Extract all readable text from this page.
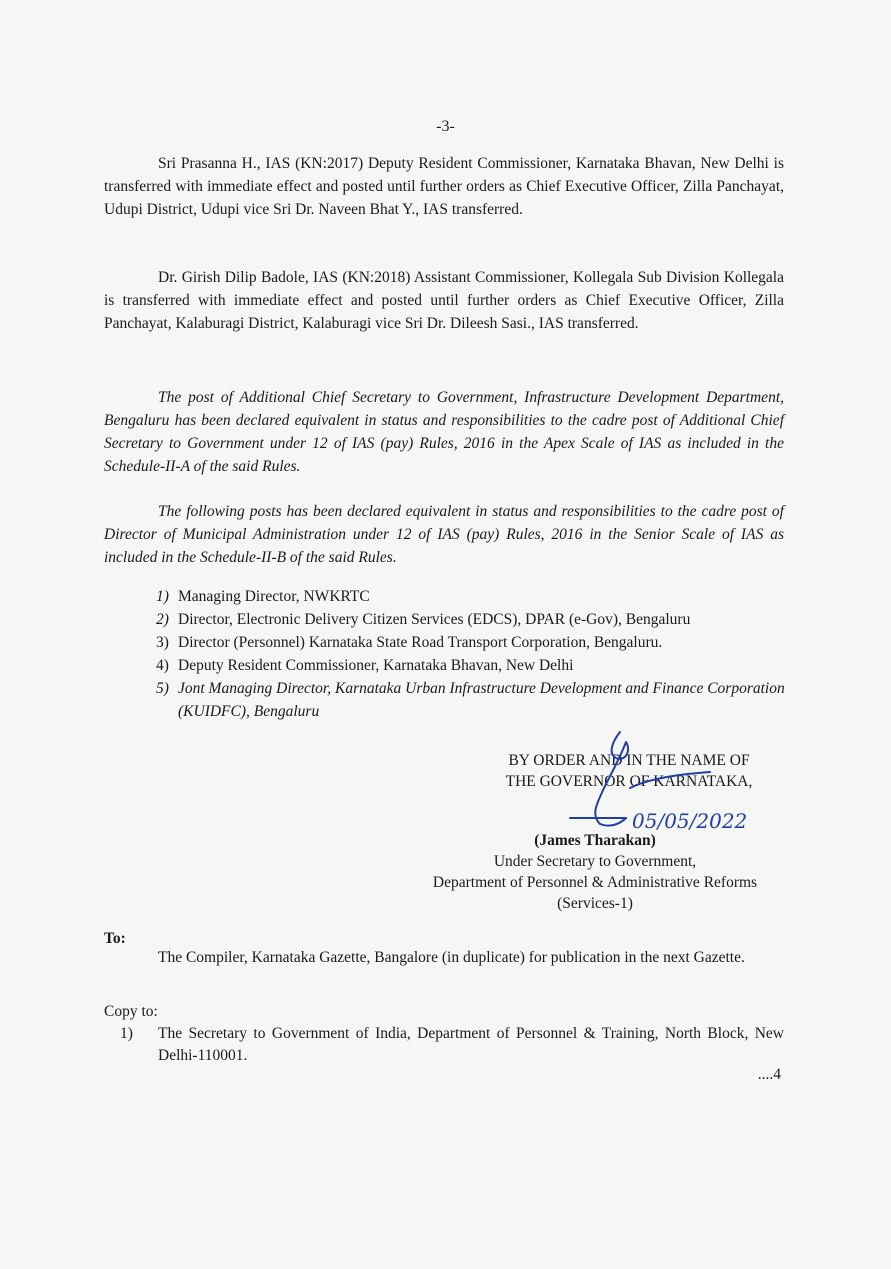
-3-

Sri Prasanna H., IAS (KN:2017) Deputy Resident Commissioner, Karnataka Bhavan, New Delhi is transferred with immediate effect and posted until further orders as Chief Executive Officer, Zilla Panchayat, Udupi District, Udupi vice Sri Dr. Naveen Bhat Y., IAS transferred.

Dr. Girish Dilip Badole, IAS (KN:2018) Assistant Commissioner, Kollegala Sub Division Kollegala is transferred with immediate effect and posted until further orders as Chief Executive Officer, Zilla Panchayat, Kalaburagi District, Kalaburagi vice Sri Dr. Dileesh Sasi., IAS transferred.

The post of Additional Chief Secretary to Government, Infrastructure Development Department, Bengaluru has been declared equivalent in status and responsibilities to the cadre post of Additional Chief Secretary to Government under 12 of IAS (pay) Rules, 2016 in the Apex Scale of IAS as included in the Schedule-II-A of the said Rules.

The following posts has been declared equivalent in status and responsibilities to the cadre post of Director of Municipal Administration under 12 of IAS (pay) Rules, 2016 in the Senior Scale of IAS as included in the Schedule-II-B of the said Rules.

1) Managing Director, NWKRTC
2) Director, Electronic Delivery Citizen Services (EDCS), DPAR (e-Gov), Bengaluru
3) Director (Personnel) Karnataka State Road Transport Corporation, Bengaluru.
4) Deputy Resident Commissioner, Karnataka Bhavan, New Delhi
5) Jont Managing Director, Karnataka Urban Infrastructure Development and Finance Corporation (KUIDFC), Bengaluru
BY ORDER AND IN THE NAME OF
THE GOVERNOR OF KARNATAKA,
(James Tharakan)
Under Secretary to Government,
Department of Personnel & Administrative Reforms
(Services-1)
05/05/2022
To:

The Compiler, Karnataka Gazette, Bangalore (in duplicate) for publication in the next Gazette.

Copy to:
1) The Secretary to Government of India, Department of Personnel & Training, North Block, New Delhi-110001.
....4
